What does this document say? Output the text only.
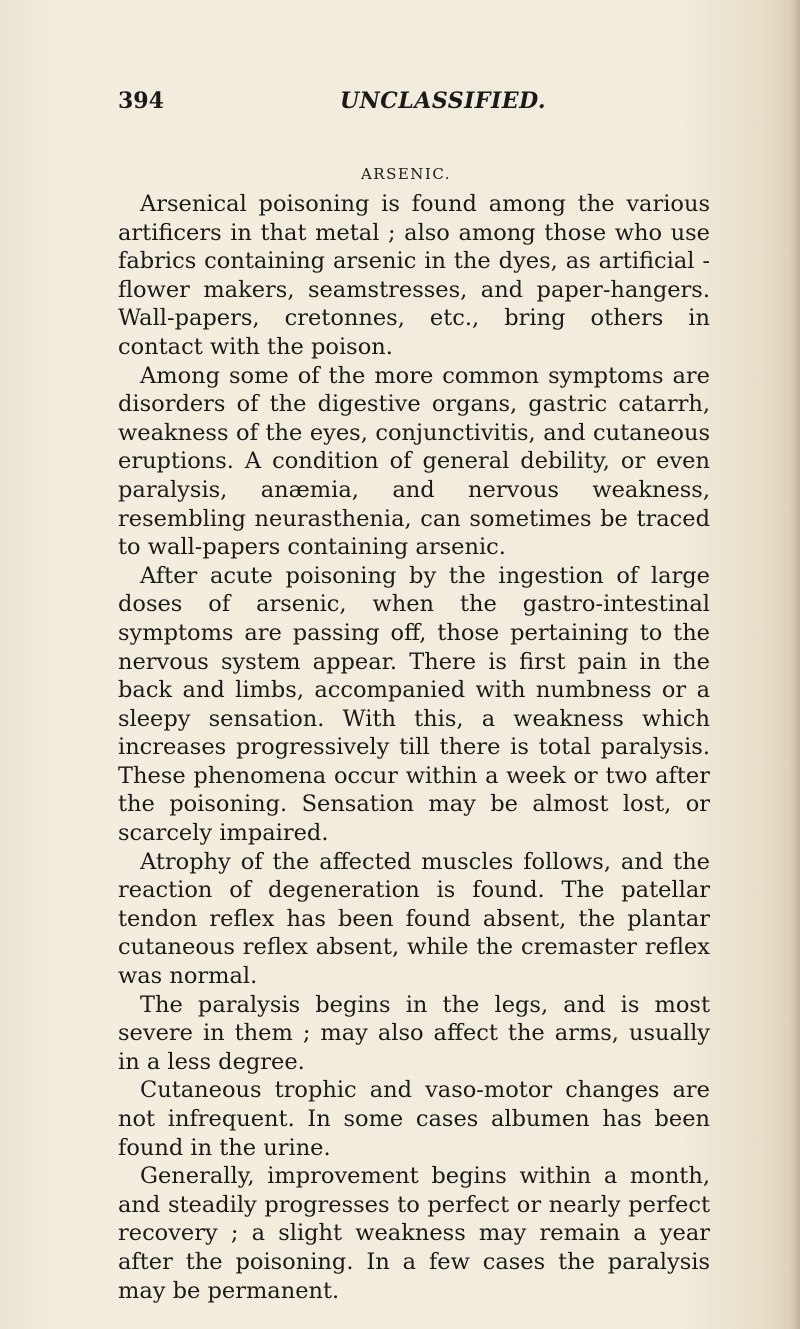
394	UNCLASSIFIED.
ARSENIC.

Arsenical poisoning is found among the various artificers in that metal ; also among those who use fabrics containing arsenic in the dyes, as artificial - flower makers, seamstresses, and paper-hangers. Wall-papers, cretonnes, etc., bring others in contact with the poison.

Among some of the more common symptoms are disorders of the digestive organs, gastric catarrh, weakness of the eyes, conjunctivitis, and cutaneous eruptions. A condition of general debility, or even paralysis, anæmia, and nervous weakness, resembling neurasthenia, can sometimes be traced to wall-papers containing arsenic.

After acute poisoning by the ingestion of large doses of arsenic, when the gastro-intestinal symptoms are passing off, those pertaining to the nervous system appear. There is first pain in the back and limbs, accompanied with numbness or a sleepy sensation. With this, a weakness which increases progressively till there is total paralysis. These phenomena occur within a week or two after the poisoning. Sensation may be almost lost, or scarcely impaired.

Atrophy of the affected muscles follows, and the reaction of degeneration is found. The patellar tendon reflex has been found absent, the plantar cutaneous reflex absent, while the cremaster reflex was normal.

The paralysis begins in the legs, and is most severe in them ; may also affect the arms, usually in a less degree.

Cutaneous trophic and vaso-motor changes are not infrequent. In some cases albumen has been found in the urine.

Generally, improvement begins within a month, and steadily progresses to perfect or nearly perfect recovery ; a slight weakness may remain a year after the poisoning. In a few cases the paralysis may be permanent.
